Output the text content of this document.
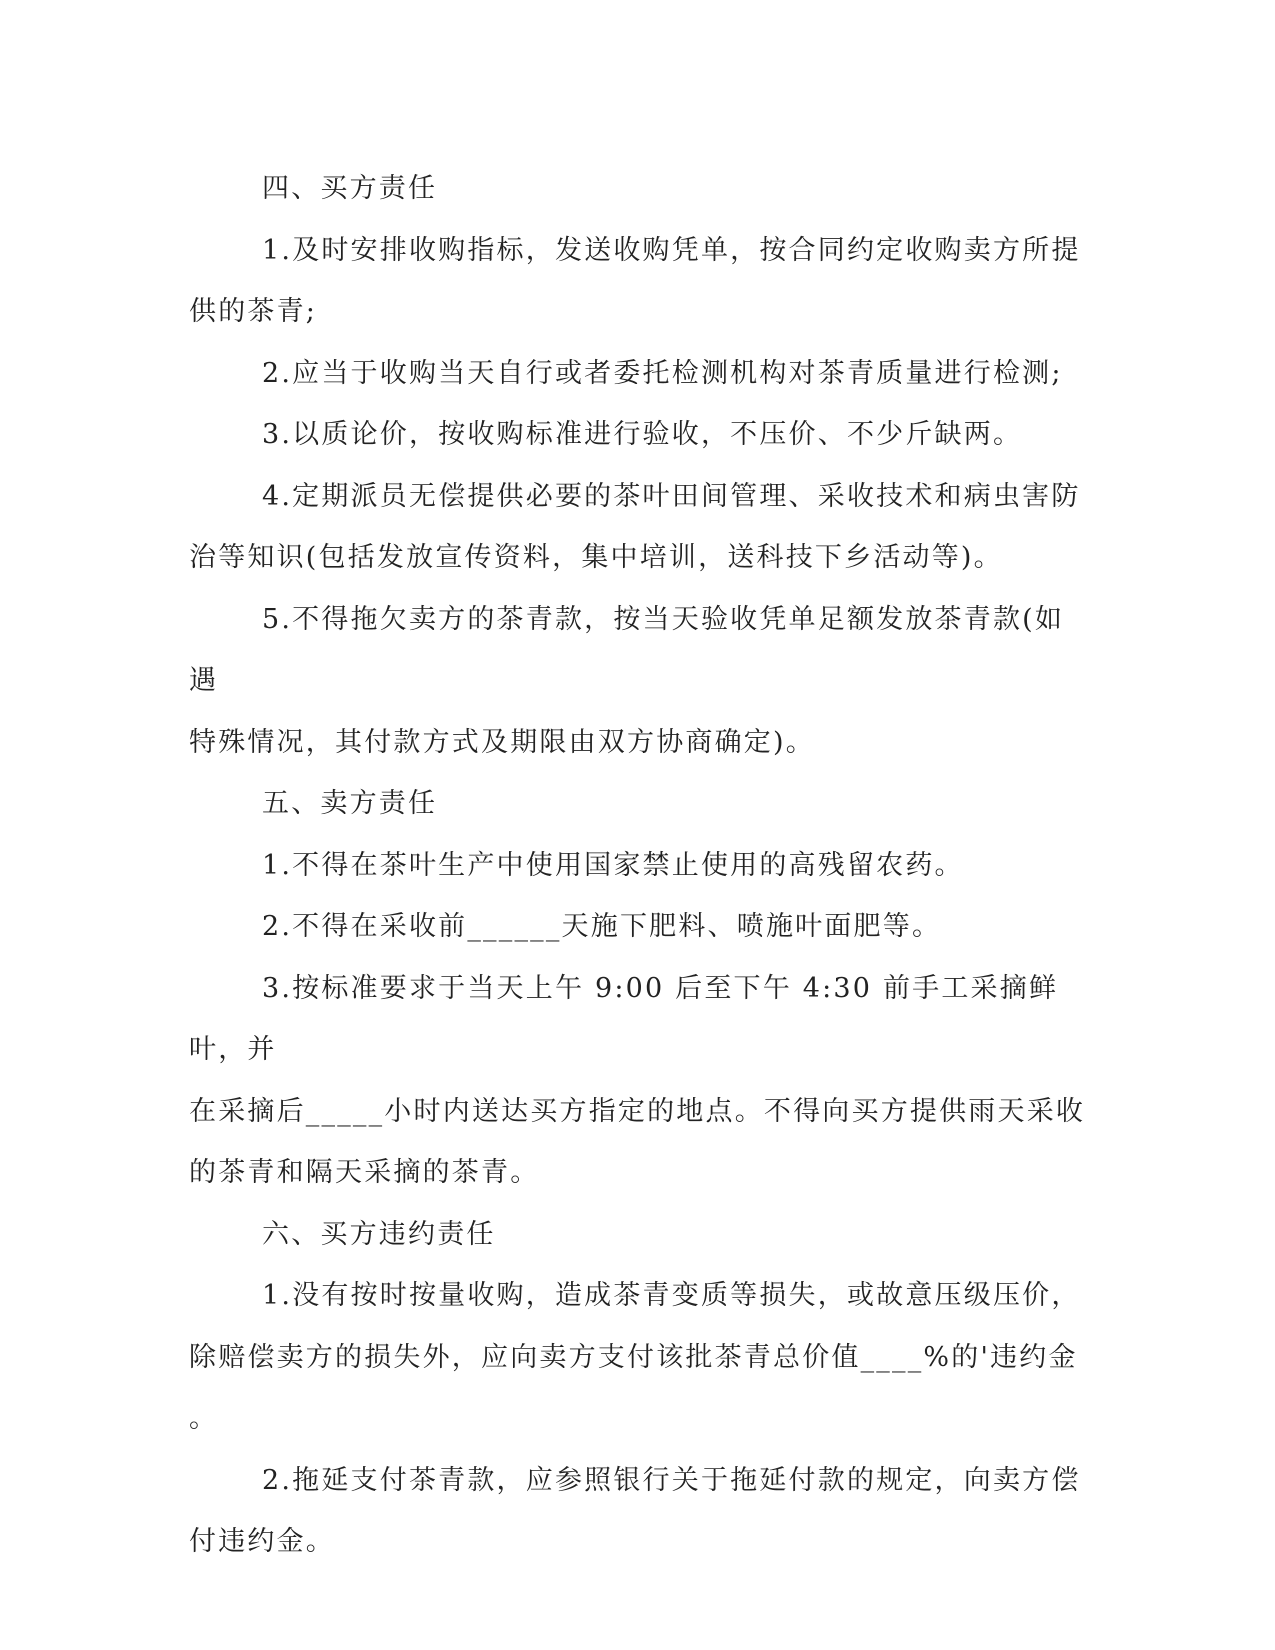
四、买方责任

1.及时安排收购指标，发送收购凭单，按合同约定收购卖方所提

供的茶青;

2.应当于收购当天自行或者委托检测机构对茶青质量进行检测;

3.以质论价，按收购标准进行验收，不压价、不少斤缺两。

4.定期派员无偿提供必要的茶叶田间管理、采收技术和病虫害防

治等知识(包括发放宣传资料，集中培训，送科技下乡活动等)。

5.不得拖欠卖方的茶青款，按当天验收凭单足额发放茶青款(如遇

特殊情况，其付款方式及期限由双方协商确定)。

五、卖方责任

1.不得在茶叶生产中使用国家禁止使用的高残留农药。

2.不得在采收前______天施下肥料、喷施叶面肥等。

3.按标准要求于当天上午 9:00 后至下午 4:30 前手工采摘鲜叶，并

在采摘后_____小时内送达买方指定的地点。不得向买方提供雨天采收

的茶青和隔天采摘的茶青。

六、买方违约责任

1.没有按时按量收购，造成茶青变质等损失，或故意压级压价，

除赔偿卖方的损失外，应向卖方支付该批茶青总价值____%的'违约金

。

2.拖延支付茶青款，应参照银行关于拖延付款的规定，向卖方偿

付违约金。
